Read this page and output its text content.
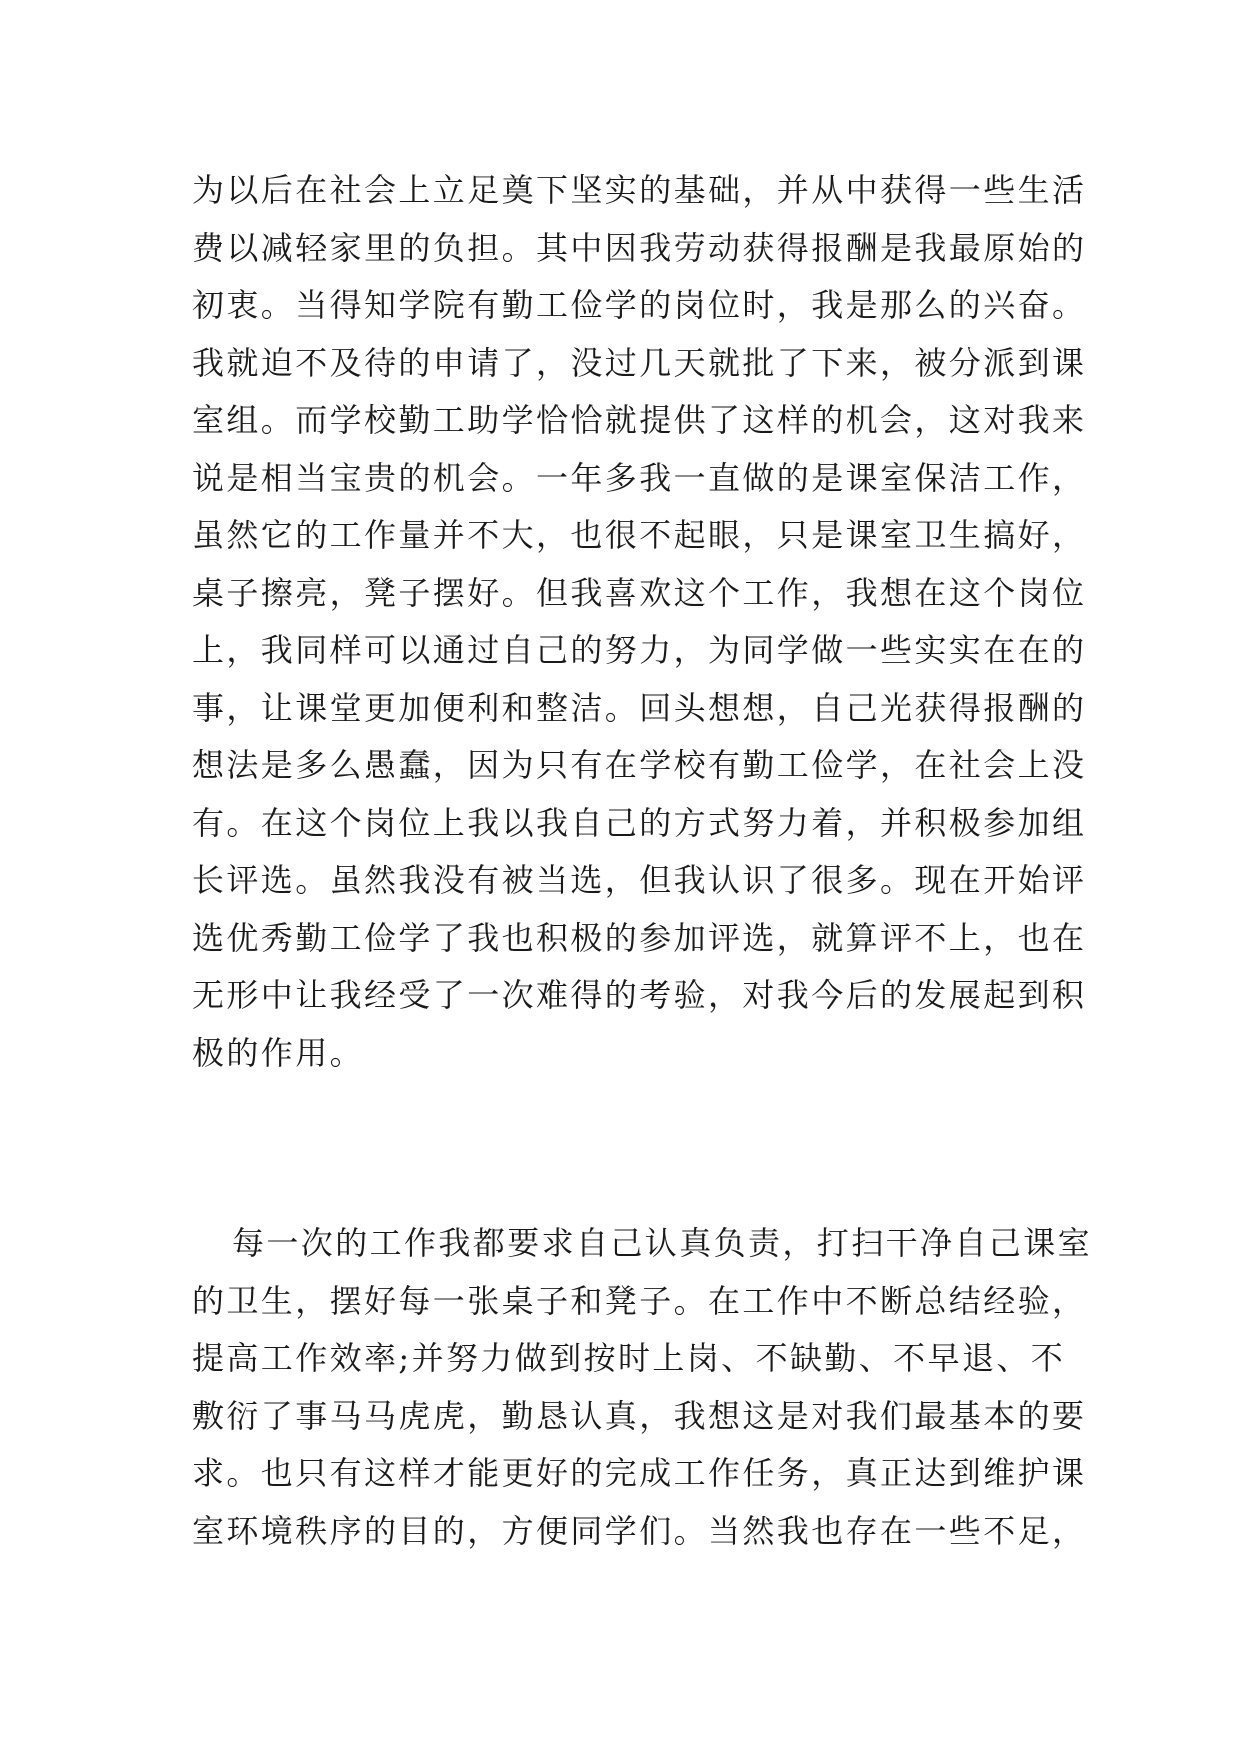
为以后在社会上立足奠下坚实的基础，并从中获得一些生活
费以减轻家里的负担。其中因我劳动获得报酬是我最原始的
初衷。当得知学院有勤工俭学的岗位时，我是那么的兴奋。
我就迫不及待的申请了，没过几天就批了下来，被分派到课
室组。而学校勤工助学恰恰就提供了这样的机会，这对我来
说是相当宝贵的机会。一年多我一直做的是课室保洁工作，
虽然它的工作量并不大，也很不起眼，只是课室卫生搞好，
桌子擦亮，凳子摆好。但我喜欢这个工作，我想在这个岗位
上，我同样可以通过自己的努力，为同学做一些实实在在的
事，让课堂更加便利和整洁。回头想想，自己光获得报酬的
想法是多么愚蠢，因为只有在学校有勤工俭学，在社会上没
有。在这个岗位上我以我自己的方式努力着，并积极参加组
长评选。虽然我没有被当选，但我认识了很多。现在开始评
选优秀勤工俭学了我也积极的参加评选，就算评不上，也在
无形中让我经受了一次难得的考验，对我今后的发展起到积
极的作用。
每一次的工作我都要求自己认真负责，打扫干净自己课室
的卫生，摆好每一张桌子和凳子。在工作中不断总结经验，
提高工作效率;并努力做到按时上岗、不缺勤、不早退、不
敷衍了事马马虎虎，勤恳认真，我想这是对我们最基本的要
求。也只有这样才能更好的完成工作任务，真正达到维护课
室环境秩序的目的，方便同学们。当然我也存在一些不足，
